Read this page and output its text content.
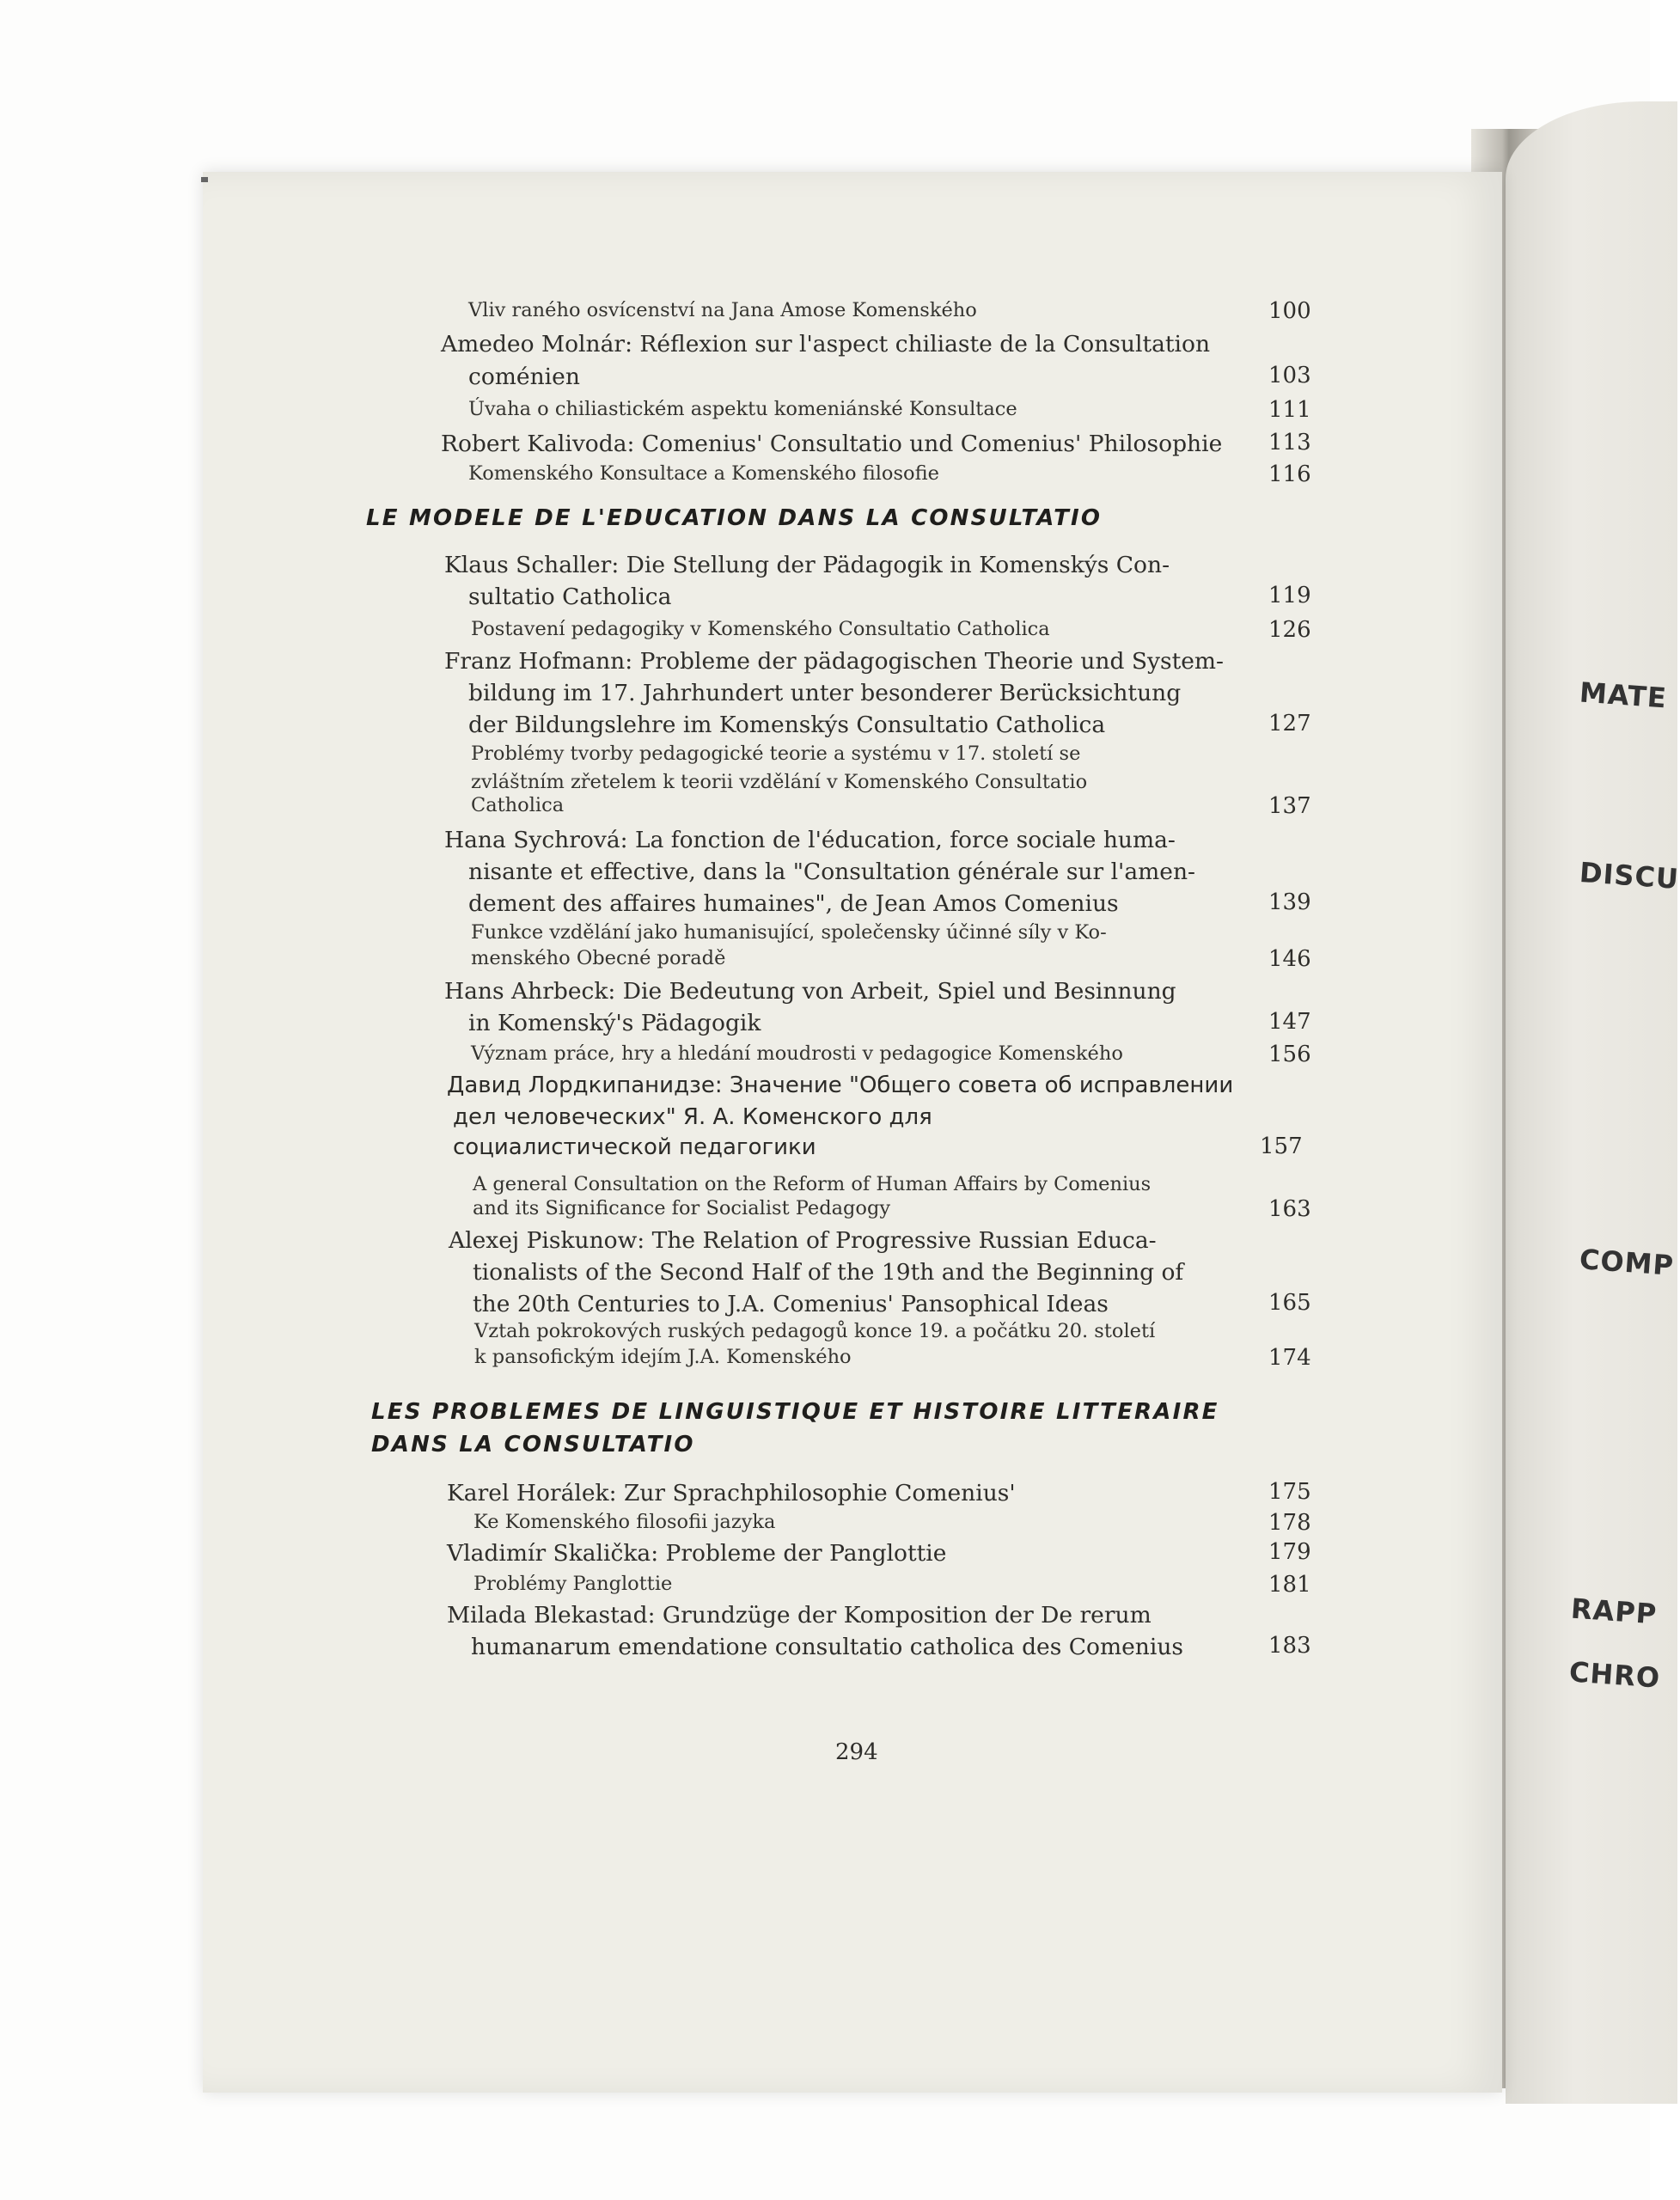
MATE
DISCU
COMP
RAPP
CHRO
Vliv raného osvícenství na Jana Amose Komenského	100
Amedeo Molnár: Réflexion sur l'aspect chiliaste de la Consultation
coménien	103
Úvaha o chiliastickém aspektu komeniánské Konsultace	111
Robert Kalivoda: Comenius' Consultatio und Comenius' Philosophie 113
Komenského Konsultace a Komenského filosofie	116
LE MODELE DE L'EDUCATION DANS LA CONSULTATIO
Klaus Schaller: Die Stellung der Pädagogik in Komenskýs Con-
sultatio Catholica	119
Postavení pedagogiky v Komenského Consultatio Catholica	126
Franz Hofmann: Probleme der pädagogischen Theorie und System-
bildung im 17. Jahrhundert unter besonderer Berücksichtung
der Bildungslehre im Komenskýs Consultatio Catholica	127
Problémy tvorby pedagogické teorie a systému v 17. století se
zvláštním zřetelem k teorii vzdělání v Komenského Consultatio
Catholica	137
Hana Sychrová: La fonction de l'éducation, force sociale huma-
nisante et effective, dans la "Consultation générale sur l'amen-
dement des affaires humaines", de Jean Amos Comenius	139
Funkce vzdělání jako humanisující, společensky účinné síly v Ko-
menského Obecné poradě	146
Hans Ahrbeck: Die Bedeutung von Arbeit, Spiel und Besinnung
in Komenský's Pädagogik	147
Význam práce, hry a hledání moudrosti v pedagogice Komenského	156
Давид Лордкипанидзе: Значение "Общего совета об исправлении
дел человеческих" Я. А. Коменского для
социалистической педагогики	157
A general Consultation on the Reform of Human Affairs by Comenius
and its Significance for Socialist Pedagogy	163
Alexej Piskunow: The Relation of Progressive Russian Educa-
tionalists of the Second Half of the 19th and the Beginning of
the 20th Centuries to J.A. Comenius' Pansophical Ideas	165
Vztah pokrokových ruských pedagogů konce 19. a počátku 20. století
k pansofickým idejím J.A. Komenského	174
LES PROBLEMES DE LINGUISTIQUE ET HISTOIRE LITTERAIRE
DANS LA CONSULTATIO
Karel Horálek: Zur Sprachphilosophie Comenius'	175
Ke Komenského filosofii jazyka	178
Vladimír Skalička: Probleme der Panglottie	179
Problémy Panglottie	181
Milada Blekastad: Grundzüge der Komposition der De rerum
humanarum emendatione consultatio catholica des Comenius	183
294
